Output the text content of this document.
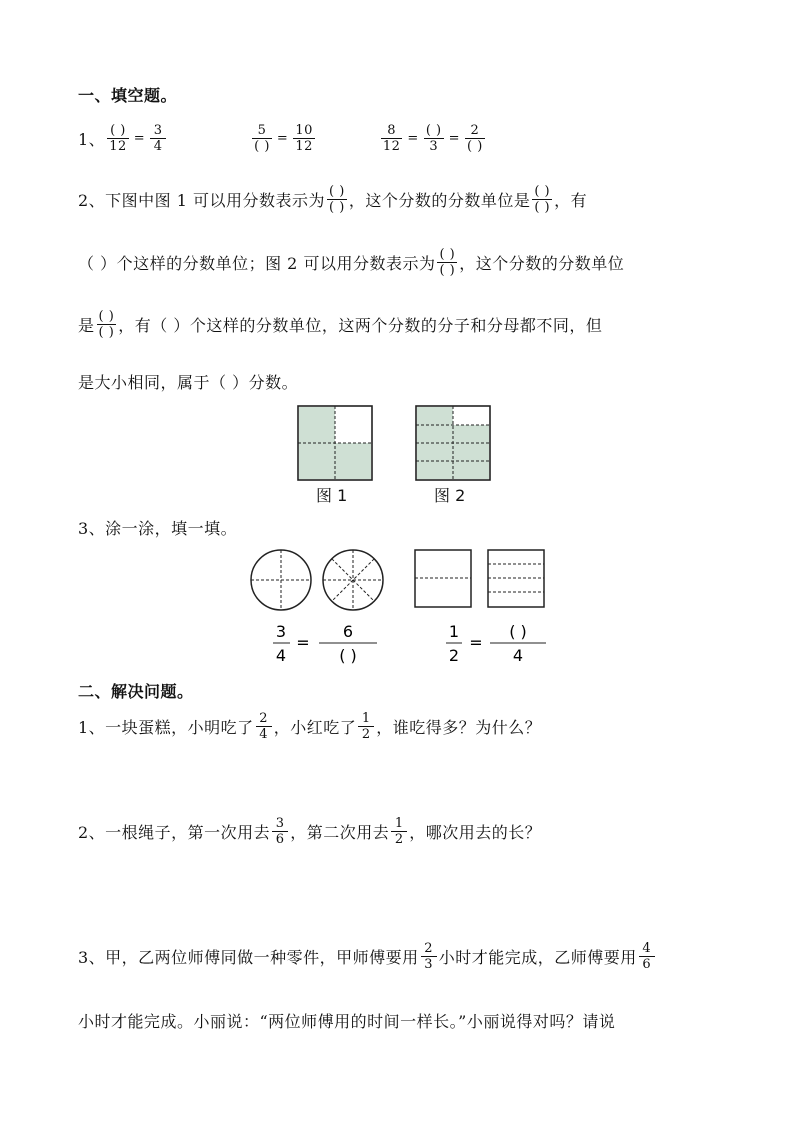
一、填空题。
1、 $\frac{( )}{12} = \frac{3}{4}$	$\frac{5}{( )} = \frac{10}{12}$	$\frac{8}{12} = \frac{( )}{3} = \frac{2}{( )}$
2、下图中图 1 可以用分数表示为 $\frac{( )}{( )}$ ，这个分数的分数单位是 $\frac{( )}{( )}$ ，有
（ ）个这样的分数单位；图 2 可以用分数表示为 $\frac{( )}{( )}$ ，这个分数的分数单位
是 $\frac{( )}{( )}$ ，有（ ）个这样的分数单位，这两个分数的分子和分母都不同，但
是大小相同，属于（ ）分数。
图 1	图 2
3、涂一涂，填一填。
3
4
=
6
( )
1
2
=
( )
4
二、解决问题。
1、一块蛋糕，小明吃了 $\frac{2}{4}$ ，小红吃了 $\frac{1}{2}$ ，谁吃得多？为什么？
2、一根绳子，第一次用去 $\frac{3}{6}$ ，第二次用去 $\frac{1}{2}$ ，哪次用去的长？
3、甲，乙两位师傅同做一种零件，甲师傅要用 $\frac{2}{3}$ 小时才能完成，乙师傅要用 $\frac{4}{6}$
小时才能完成。小丽说：“两位师傅用的时间一样长。”小丽说得对吗？请说
